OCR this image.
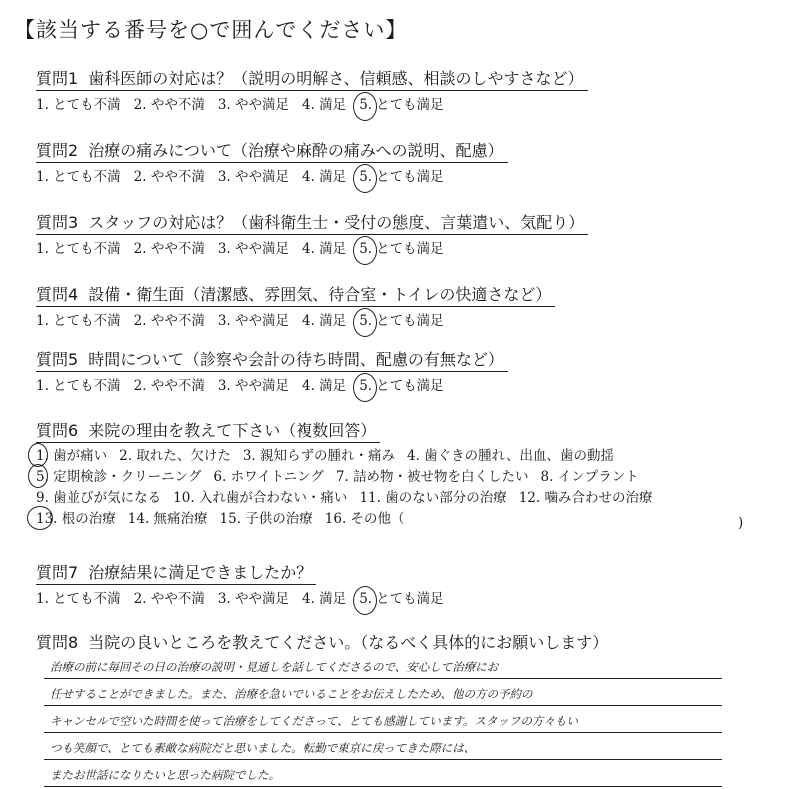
【該当する番号を○で囲んでください】
質問1 歯科医師の対応は？（説明の明解さ、信頼感、相談のしやすさなど）
1. とても不満 2. やや不満 3. やや満足 4. 満足 5. とても満足
質問2 治療の痛みについて（治療や麻酔の痛みへの説明、配慮）
1. とても不満 2. やや不満 3. やや満足 4. 満足 5. とても満足
質問3 スタッフの対応は？（歯科衛生士・受付の態度、言葉遣い、気配り）
1. とても不満 2. やや不満 3. やや満足 4. 満足 5. とても満足
質問4 設備・衛生面（清潔感、雰囲気、待合室・トイレの快適さなど）
1. とても不満 2. やや不満 3. やや満足 4. 満足 5. とても満足
質問5 時間について（診察や会計の待ち時間、配慮の有無など）
1. とても不満 2. やや不満 3. やや満足 4. 満足 5. とても満足
質問6 来院の理由を教えて下さい（複数回答）
1. 歯が痛い 2. 取れた、欠けた 3. 親知らずの腫れ・痛み 4. 歯ぐきの腫れ、出血、歯の動揺
5. 定期検診・クリーニング 6. ホワイトニング 7. 詰め物・被せ物を白くしたい 8. インプラント
9. 歯並びが気になる 10. 入れ歯が合わない・痛い 11. 歯のない部分の治療 12. 噛み合わせの治療
13. 根の治療 14. 無痛治療 15. 子供の治療 16. その他（	)
質問7 治療結果に満足できましたか？
1. とても不満 2. やや不満 3. やや満足 4. 満足 5. とても満足
質問8 当院の良いところを教えてください。（なるべく具体的にお願いします）
治療の前に毎回その日の治療の説明・見通しを話してくださるので、安心して治療にお
任せすることができました。また、治療を急いでいることをお伝えしたため、他の方の予約の
キャンセルで空いた時間を使って治療をしてくださって、とても感謝しています。スタッフの方々もい
つも笑顔で、とても素敵な病院だと思いました。転勤で東京に戻ってきた際には、
またお世話になりたいと思った病院でした。
